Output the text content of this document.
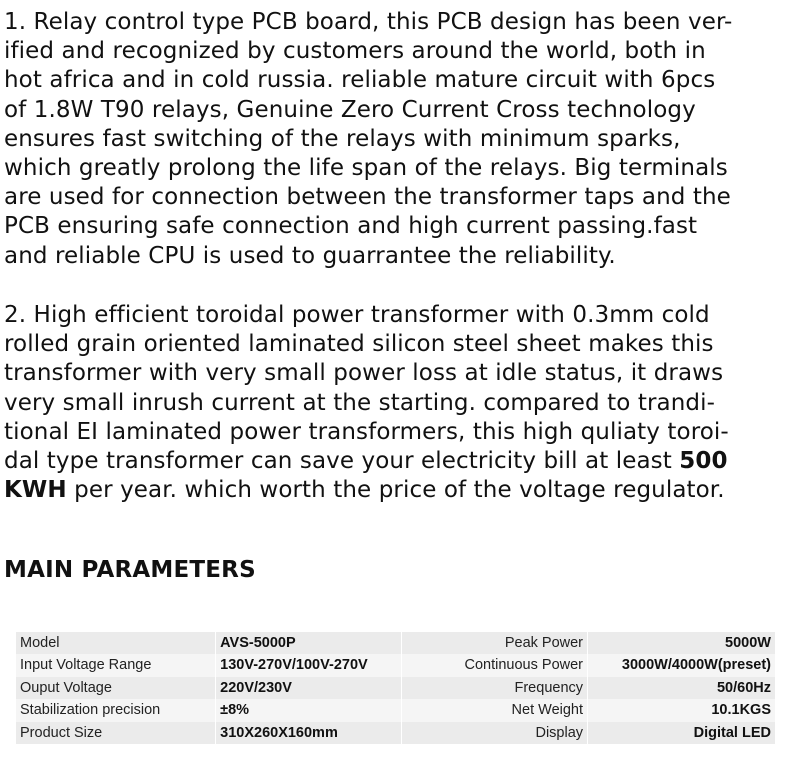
1. Relay control type PCB board, this PCB design has been ver-
ified and recognized by customers around the world, both in
hot africa and in cold russia. reliable mature circuit with 6pcs
of 1.8W T90 relays, Genuine Zero Current Cross technology
ensures fast switching of the relays with minimum sparks,
which greatly prolong the life span of the relays. Big terminals
are used for connection between the transformer taps and the
PCB ensuring safe connection and high current passing.fast
and reliable CPU is used to guarrantee the reliability.

2. High efficient toroidal power transformer with 0.3mm cold
rolled grain oriented laminated silicon steel sheet makes this
transformer with very small power loss at idle status, it draws
very small inrush current at the starting. compared to trandi-
tional EI laminated power transformers, this high quliaty toroi-
dal type transformer can save your electricity bill at least 500
KWH per year. which worth the price of the voltage regulator.

MAIN PARAMETERS
Model	AVS-5000P	Peak Power	5000W
Input Voltage Range	130V-270V/100V-270V	Continuous Power	3000W/4000W(preset)
Ouput Voltage	220V/230V	Frequency	50/60Hz
Stabilization precision	±8%	Net Weight	10.1KGS
Product Size	310X260X160mm	Display	Digital LED
